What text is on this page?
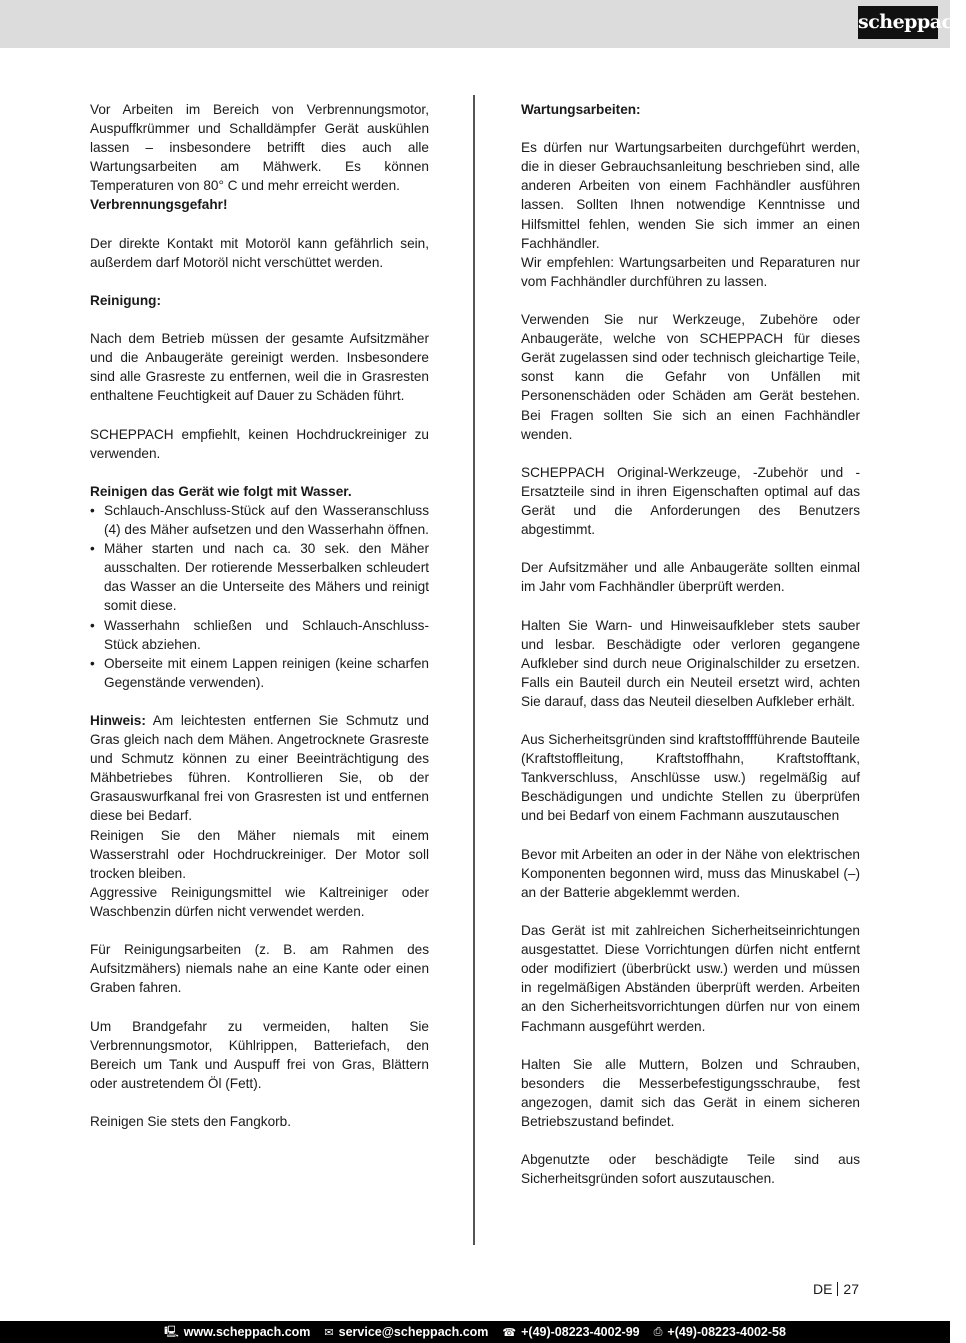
scheppach

Vor Arbeiten im Bereich von Verbrennungsmotor, Auspuffkrümmer und Schalldämpfer Gerät auskühlen lassen – insbesondere betrifft dies auch alle Wartungsarbeiten am Mähwerk. Es können Temperaturen von 80° C und mehr erreicht werden.

Verbrennungsgefahr!

Der direkte Kontakt mit Motoröl kann gefährlich sein, außerdem darf Motoröl nicht verschüttet werden.

Reinigung:

Nach dem Betrieb müssen der gesamte Aufsitzmäher und die Anbaugeräte gereinigt werden. Insbesondere sind alle Grasreste zu entfernen, weil die in Grasresten enthaltene Feuchtigkeit auf Dauer zu Schäden führt.

SCHEPPACH empfiehlt, keinen Hochdruckreiniger zu verwenden.

Reinigen das Gerät wie folgt mit Wasser.

• Schlauch-Anschluss-Stück auf den Wasseranschluss (4) des Mäher aufsetzen und den Wasserhahn öffnen.
• Mäher starten und nach ca. 30 sek. den Mäher ausschalten. Der rotierende Messerbalken schleudert das Wasser an die Unterseite des Mähers und reinigt somit diese.
• Wasserhahn schließen und Schlauch-Anschluss-Stück abziehen.
• Oberseite mit einem Lappen reinigen (keine scharfen Gegenstände verwenden).

Hinweis: Am leichtesten entfernen Sie Schmutz und Gras gleich nach dem Mähen. Angetrocknete Grasreste und Schmutz können zu einer Beeinträchtigung des Mähbetriebes führen. Kontrollieren Sie, ob der Grasauswurfkanal frei von Grasresten ist und entfernen diese bei Bedarf.

Reinigen Sie den Mäher niemals mit einem Wasserstrahl oder Hochdruckreiniger. Der Motor soll trocken bleiben.

Aggressive Reinigungsmittel wie Kaltreiniger oder Waschbenzin dürfen nicht verwendet werden.

Für Reinigungsarbeiten (z. B. am Rahmen des Aufsitzmähers) niemals nahe an eine Kante oder einen Graben fahren.

Um Brandgefahr zu vermeiden, halten Sie Verbrennungsmotor, Kühlrippen, Batteriefach, den Bereich um Tank und Auspuff frei von Gras, Blättern oder austretendem Öl (Fett).

Reinigen Sie stets den Fangkorb.

Wartungsarbeiten:

Es dürfen nur Wartungsarbeiten durchgeführt werden, die in dieser Gebrauchsanleitung beschrieben sind, alle anderen Arbeiten von einem Fachhändler ausführen lassen. Sollten Ihnen notwendige Kenntnisse und Hilfsmittel fehlen, wenden Sie sich immer an einen Fachhändler.

Wir empfehlen: Wartungsarbeiten und Reparaturen nur vom Fachhändler durchführen zu lassen.

Verwenden Sie nur Werkzeuge, Zubehöre oder Anbaugeräte, welche von SCHEPPACH für dieses Gerät zugelassen sind oder technisch gleichartige Teile, sonst kann die Gefahr von Unfällen mit Personenschäden oder Schäden am Gerät bestehen. Bei Fragen sollten Sie sich an einen Fachhändler wenden.

SCHEPPACH Original-Werkzeuge, -Zubehör und -Ersatzteile sind in ihren Eigenschaften optimal auf das Gerät und die Anforderungen des Benutzers abgestimmt.

Der Aufsitzmäher und alle Anbaugeräte sollten einmal im Jahr vom Fachhändler überprüft werden.

Halten Sie Warn- und Hinweisaufkleber stets sauber und lesbar. Beschädigte oder verloren gegangene Aufkleber sind durch neue Originalschilder zu ersetzen. Falls ein Bauteil durch ein Neuteil ersetzt wird, achten Sie darauf, dass das Neuteil dieselben Aufkleber erhält.

Aus Sicherheitsgründen sind kraftstofffführende Bauteile (Kraftstoffleitung, Kraftstoffhahn, Kraftstofftank, Tankverschluss, Anschlüsse usw.) regelmäßig auf Beschädigungen und undichte Stellen zu überprüfen und bei Bedarf von einem Fachmann auszutauschen

Bevor mit Arbeiten an oder in der Nähe von elektrischen Komponenten begonnen wird, muss das Minuskabel (–) an der Batterie abgeklemmt werden.

Das Gerät ist mit zahlreichen Sicherheitseinrichtungen ausgestattet. Diese Vorrichtungen dürfen nicht entfernt oder modifiziert (überbrückt usw.) werden und müssen in regelmäßigen Abständen überprüft werden. Arbeiten an den Sicherheitsvorrichtungen dürfen nur von einem Fachmann ausgeführt werden.

Halten Sie alle Muttern, Bolzen und Schrauben, besonders die Messerbefestigungsschraube, fest angezogen, damit sich das Gerät in einem sicheren Betriebszustand befindet.

Abgenutzte oder beschädigte Teile sind aus Sicherheitsgründen sofort auszutauschen.

DE 27
🖳 www.scheppach.com ✉ service@scheppach.com ☎ +(49)-08223-4002-99 ⎙ +(49)-08223-4002-58
